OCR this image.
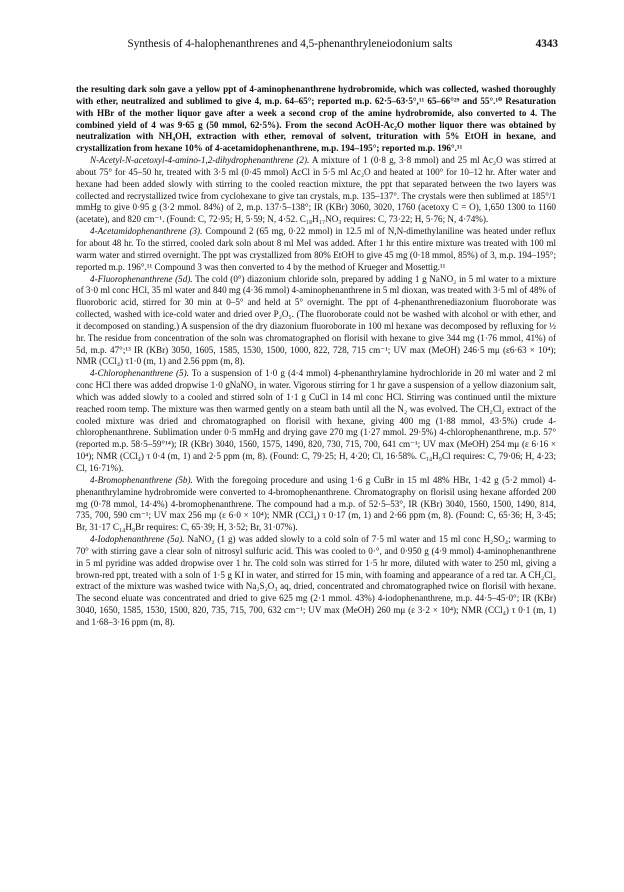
Synthesis of 4-halophenanthrenes and 4,5-phenanthryleneiodonium salts	4343

the resulting dark soln gave a yellow ppt of 4-aminophenanthrene hydrobromide, which was collected, washed thoroughly with ether, neutralized and sublimed to give 4, m.p. 64–65°; reported m.p. 62·5–63·5°,¹¹ 65–66°²⁹ and 55°.¹⁰ Resaturation with HBr of the mother liquor gave after a week a second crop of the amine hydrobromide, also converted to 4. The combined yield of 4 was 9·65 g (50 mmol, 62·5%). From the second AcOH-Ac₂O mother liquor there was obtained by neutralization with NH₄OH, extraction with ether, removal of solvent, trituration with 5% EtOH in hexane, and crystallization from hexane 10% of 4-acetamidophenanthrene, m.p. 194–195°; reported m.p. 196°.¹¹

N-Acetyl-N-acetoxyl-4-amino-1,2-dihydrophenanthrene (2). A mixture of 1 (0·8 g, 3·8 mmol) and 25 ml Ac₂O was stirred at about 75° for 45–50 hr, treated with 3·5 ml (0·45 mmol) AcCl in 5·5 ml Ac₂O and heated at 100° for 10–12 hr. After water and hexane had been added slowly with stirring to the cooled reaction mixture, the ppt that separated between the two layers was collected and recrystallized twice from cyclohexane to give tan crystals, m.p. 135–137°. The crystals were then sublimed at 185°/1 mmHg to give 0·95 g (3·2 mmol. 84%) of 2, m.p. 137·5–138°; IR (KBr) 3060, 3020, 1760 (acetoxy C = O), 1,650 1300 to 1160 (acetate), and 820 cm⁻¹. (Found: C, 72·95; H, 5·59; N, 4·52. C₁₈H₁₇NO₃ requires: C, 73·22; H, 5·76; N, 4·74%).

4-Acetamidophenanthrene (3). Compound 2 (65 mg, 0·22 mmol) in 12.5 ml of N,N-dimethylaniline was heated under reflux for about 48 hr. To the stirred, cooled dark soln about 8 ml MeI was added. After 1 hr this entire mixture was treated with 100 ml warm water and stirred overnight. The ppt was crystallized from 80% EtOH to give 45 mg (0·18 mmol, 85%) of 3, m.p. 194–195°; reported m.p. 196°.¹¹ Compound 3 was then converted to 4 by the method of Krueger and Mosettig.¹¹

4-Fluorophenanthrene (5d). The cold (0°) diazonium chloride soln, prepared by adding 1 g NaNO₂ in 5 ml water to a mixture of 3·0 ml conc HCl, 35 ml water and 840 mg (4·36 mmol) 4-aminophenanthrene in 5 ml dioxan, was treated with 3·5 ml of 48% of fluoroboric acid, stirred for 30 min at 0–5° and held at 5° overnight. The ppt of 4-phenanthrenediazonium fluoroborate was collected, washed with ice-cold water and dried over P₂O₅. (The fluoroborate could not be washed with alcohol or with ether, and it decomposed on standing.) A suspension of the dry diazonium fluoroborate in 100 ml hexane was decomposed by refluxing for ½ hr. The residue from concentration of the soln was chromatographed on florisil with hexane to give 344 mg (1·76 mmol, 41%) of 5d, m.p. 47°;¹³ IR (KBr) 3050, 1605, 1585, 1530, 1500, 1000, 822, 728, 715 cm⁻¹; UV max (MeOH) 246·5 mμ (ε6·63 × 10⁴); NMR (CCl₄) τ1·0 (m, 1) and 2.56 ppm (m, 8).

4-Chlorophenanthrene (5). To a suspension of 1·0 g (4·4 mmol) 4-phenanthrylamine hydrochloride in 20 ml water and 2 ml conc HCl there was added dropwise 1·0 gNaNO₂ in water. Vigorous stirring for 1 hr gave a suspension of a yellow diazonium salt, which was added slowly to a cooled and stirred soln of 1·1 g CuCl in 14 ml conc HCl. Stirring was continued until the mixture reached room temp. The mixture was then warmed gently on a steam bath until all the N₂ was evolved. The CH₂Cl₂ extract of the cooled mixture was dried and chromatographed on florisil with hexane, giving 400 mg (1·88 mmol, 43·5%) crude 4-chlorophenanthrene. Sublimation under 0·5 mmHg and drying gave 270 mg (1·27 mmol. 29·5%) 4-chlorophenanthrene, m.p. 57° (reported m.p. 58·5–59°¹⁴); IR (KBr) 3040, 1560, 1575, 1490, 820, 730, 715, 700, 641 cm⁻¹; UV max (MeOH) 254 mμ (ε 6·16 × 10⁴); NMR (CCl₄) τ 0·4 (m, 1) and 2·5 ppm (m, 8). (Found: C, 79·25; H, 4·20; Cl, 16·58%. C₁₄H₉Cl requires: C, 79·06; H, 4·23; Cl, 16·71%).

4-Bromophenanthrene (5b). With the foregoing procedure and using 1·6 g CuBr in 15 ml 48% HBr, 1·42 g (5·2 mmol) 4-phenanthrylamine hydrobromide were converted to 4-bromophenanthrene. Chromatography on florisil using hexane afforded 200 mg (0·78 mmol, 14·4%) 4-bromophenanthrene. The compound had a m.p. of 52·5–53°, IR (KBr) 3040, 1560, 1500, 1490, 814, 735, 700, 590 cm⁻¹; UV max 256 mμ (ε 6·0 × 10⁴); NMR (CCl₄) τ 0·17 (m, 1) and 2·66 ppm (m, 8). (Found: C, 65·36; H, 3·45; Br, 31·17 C₁₄H₉Br requires: C, 65·39; H, 3·52; Br, 31·07%).

4-Iodophenanthrene (5a). NaNO₂ (1 g) was added slowly to a cold soln of 7·5 ml water and 15 ml conc H₂SO₄; warming to 70° with stirring gave a clear soln of nitrosyl sulfuric acid. This was cooled to 0·°, and 0·950 g (4·9 mmol) 4-aminophenanthrene in 5 ml pyridine was added dropwise over 1 hr. The cold soln was stirred for 1·5 hr more, diluted with water to 250 ml, giving a brown-red ppt, treated with a soln of 1·5 g KI in water, and stirred for 15 min, with foaming and appearance of a red tar. A CH₂Cl₂ extract of the mixture was washed twice with Na₂S₂O₃ aq, dried, concentrated and chromatographed twice on florisil with hexane. The second eluate was concentrated and dried to give 625 mg (2·1 mmol. 43%) 4-iodophenanthrene, m.p. 44·5–45·0°; IR (KBr) 3040, 1650, 1585, 1530, 1500, 820, 735, 715, 700, 632 cm⁻¹; UV max (MeOH) 260 mμ (ε 3·2 × 10⁴); NMR (CCl₄) τ 0·1 (m, 1) and 1·68–3·16 ppm (m, 8).
